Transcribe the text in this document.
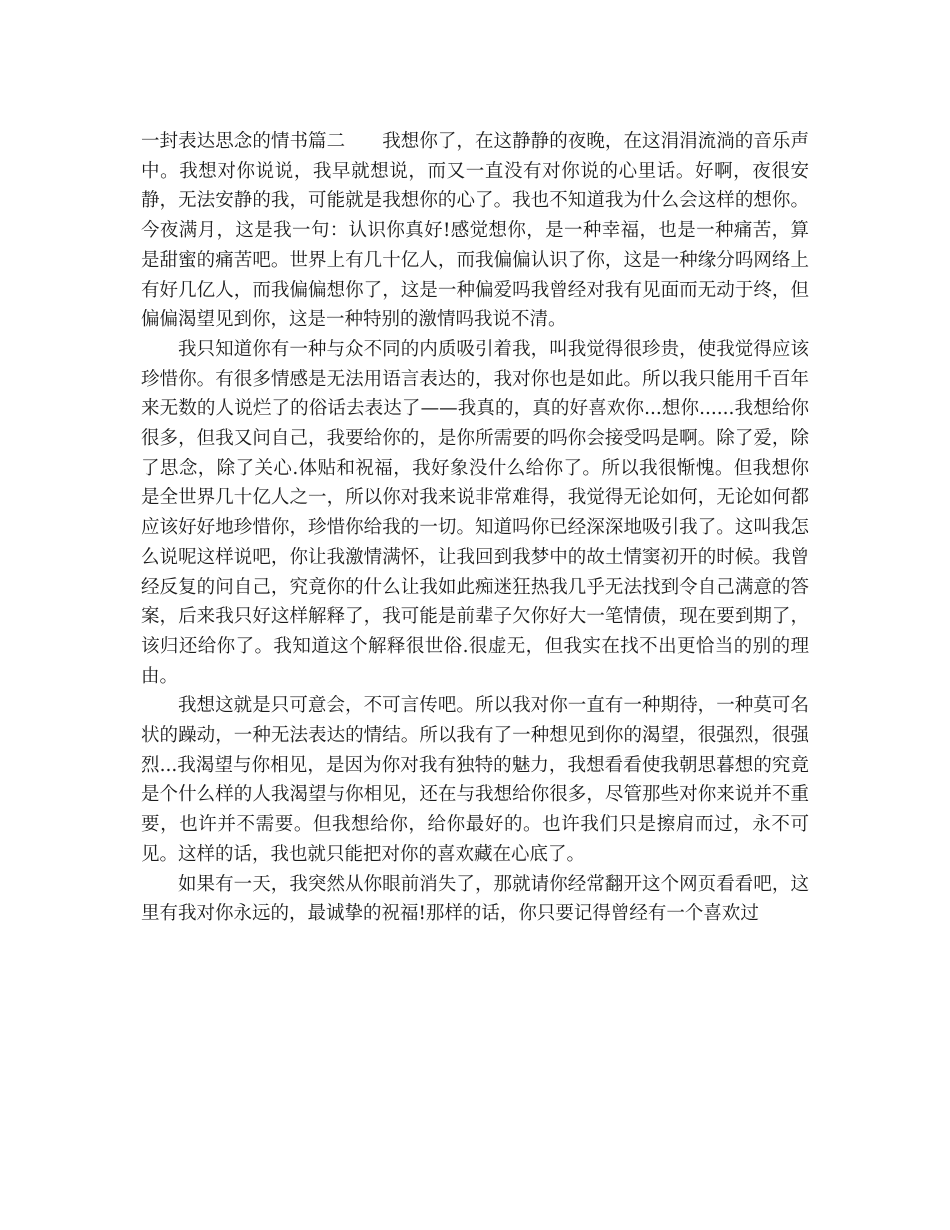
一封表达思念的情书篇二   我想你了，在这静静的夜晚，在这涓涓流淌的音乐声中。我想对你说说，我早就想说，而又一直没有对你说的心里话。好啊，夜很安静，无法安静的我，可能就是我想你的心了。我也不知道我为什么会这样的想你。今夜满月，这是我一句：认识你真好!感觉想你，是一种幸福，也是一种痛苦，算是甜蜜的痛苦吧。世界上有几十亿人，而我偏偏认识了你，这是一种缘分吗网络上有好几亿人，而我偏偏想你了，这是一种偏爱吗我曾经对我有见面而无动于终，但偏偏渴望见到你，这是一种特别的激情吗我说不清。

我只知道你有一种与众不同的内质吸引着我，叫我觉得很珍贵，使我觉得应该珍惜你。有很多情感是无法用语言表达的，我对你也是如此。所以我只能用千百年来无数的人说烂了的俗话去表达了——我真的，真的好喜欢你...想你......我想给你很多，但我又问自己，我要给你的，是你所需要的吗你会接受吗是啊。除了爱，除了思念，除了关心.体贴和祝福，我好象没什么给你了。所以我很惭愧。但我想你是全世界几十亿人之一，所以你对我来说非常难得，我觉得无论如何，无论如何都应该好好地珍惜你，珍惜你给我的一切。知道吗你已经深深地吸引我了。这叫我怎么说呢这样说吧，你让我激情满怀，让我回到我梦中的故土情窦初开的时候。我曾经反复的问自己，究竟你的什么让我如此痴迷狂热我几乎无法找到令自己满意的答案，后来我只好这样解释了，我可能是前辈子欠你好大一笔情债，现在要到期了，该归还给你了。我知道这个解释很世俗.很虚无，但我实在找不出更恰当的别的理由。

我想这就是只可意会，不可言传吧。所以我对你一直有一种期待，一种莫可名状的躁动，一种无法表达的情结。所以我有了一种想见到你的渴望，很强烈，很强烈...我渴望与你相见，是因为你对我有独特的魅力，我想看看使我朝思暮想的究竟是个什么样的人我渴望与你相见，还在与我想给你很多，尽管那些对你来说并不重要，也许并不需要。但我想给你，给你最好的。也许我们只是擦肩而过，永不可见。这样的话，我也就只能把对你的喜欢藏在心底了。

如果有一天，我突然从你眼前消失了，那就请你经常翻开这个网页看看吧，这里有我对你永远的，最诚挚的祝福!那样的话，你只要记得曾经有一个喜欢过
